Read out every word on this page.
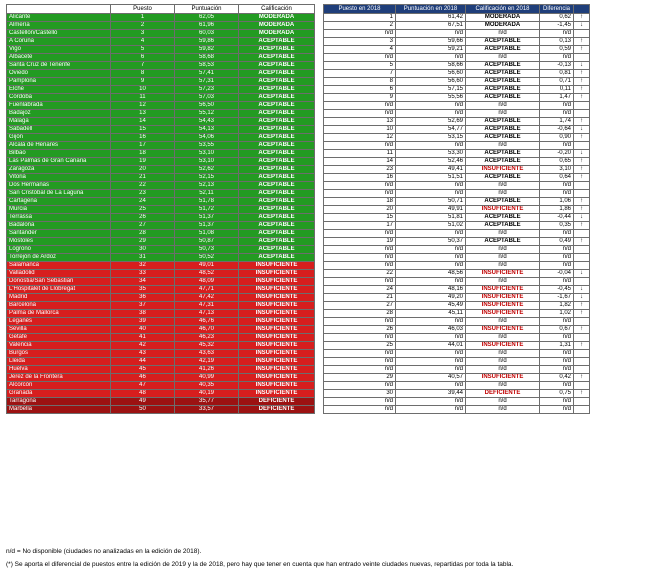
	Puesto	Puntuación	Calificación		Puesto en 2018	Puntuación en 2018	Calificación en 2018	Diferencia	
Alicante	1	62,05	MODERADA		1	61,42	MODERADA	0,62	↑
Almería	2	61,96	MODERADA		2	67,51	MODERADA	-1,45	↓
Castellón/Castelló	3	60,03	MODERADA		n/d	n/d	n/d	n/d	
A Coruña	4	59,86	ACEPTABLE		3	59,66	ACEPTABLE	0,13	↑
Vigo	5	59,82	ACEPTABLE		4	59,21	ACEPTABLE	0,59	↑
Albacete	6	58,68	ACEPTABLE		n/d	n/d	n/d	n/d	
Santa Cruz de Tenerife	7	58,53	ACEPTABLE		5	58,66	ACEPTABLE	-0,13	↓
Oviedo	8	57,41	ACEPTABLE		7	56,60	ACEPTABLE	0,81	↑
Pamplona	9	57,31	ACEPTABLE		8	56,60	ACEPTABLE	0,71	↑
Elche	10	57,23	ACEPTABLE		6	57,15	ACEPTABLE	0,11	↑
Córdoba	11	57,03	ACEPTABLE		9	55,56	ACEPTABLE	1,47	↑
Fuenlabrada	12	56,50	ACEPTABLE		n/d	n/d	n/d	n/d	
Badajoz	13	55,12	ACEPTABLE		n/d	n/d	n/d	n/d	
Málaga	14	54,43	ACEPTABLE		13	52,69	ACEPTABLE	1,74	↑
Sabadell	15	54,13	ACEPTABLE		10	54,77	ACEPTABLE	-0,64	↓
Gijón	16	54,06	ACEPTABLE		12	53,15	ACEPTABLE	0,90	↑
Alcalá de Henares	17	53,55	ACEPTABLE		n/d	n/d	n/d	n/d	
Bilbao	18	53,10	ACEPTABLE		11	53,30	ACEPTABLE	-0,20	↓
Las Palmas de Gran Canaria	19	53,10	ACEPTABLE		14	52,46	ACEPTABLE	0,65	↑
Zaragoza	20	52,62	ACEPTABLE		23	49,41	INSUFICIENTE	3,10	↑
Vitoria	21	52,15	ACEPTABLE		16	51,51	ACEPTABLE	0,64	↑
Dos Hermanas	22	52,13	ACEPTABLE		n/d	n/d	n/d	n/d	
San Cristóbal de La Laguna	23	52,11	ACEPTABLE		n/d	n/d	n/d	n/d	
Cartagena	24	51,78	ACEPTABLE		18	50,71	ACEPTABLE	1,06	↑
Murcia	25	51,72	ACEPTABLE		20	49,91	INSUFICIENTE	1,86	↑
Terrassa	26	51,37	ACEPTABLE		15	51,81	ACEPTABLE	-0,44	↓
Badalona	27	51,37	ACEPTABLE		17	51,02	ACEPTABLE	0,35	↑
Santander	28	51,08	ACEPTABLE		n/d	n/d	n/d	n/d	
Móstoles	29	50,87	ACEPTABLE		19	50,37	ACEPTABLE	0,49	↑
Logroño	30	50,73	ACEPTABLE		n/d	n/d	n/d	n/d	
Torrejón de Ardoz	31	50,52	ACEPTABLE		n/d	n/d	n/d	n/d	
Salamanca	32	49,01	INSUFICIENTE		n/d	n/d	n/d	n/d	
Valladolid	33	48,52	INSUFICIENTE		22	48,56	INSUFICIENTE	-0,04	↓
Donostia/San Sebastián	34	48,09	INSUFICIENTE		n/d	n/d	n/d	n/d	
L'Hospitalet de Llobregat	35	47,71	INSUFICIENTE		24	48,16	INSUFICIENTE	-0,45	↓
Madrid	36	47,42	INSUFICIENTE		21	49,20	INSUFICIENTE	-1,67	↓
Barcelona	37	47,31	INSUFICIENTE		27	45,49	INSUFICIENTE	1,82	↑
Palma de Mallorca	38	47,13	INSUFICIENTE		28	45,11	INSUFICIENTE	1,02	↑
Leganés	39	46,76	INSUFICIENTE		n/d	n/d	n/d	n/d	
Sevilla	40	46,70	INSUFICIENTE		26	46,03	INSUFICIENTE	0,67	↑
Getafe	41	46,23	INSUFICIENTE		n/d	n/d	n/d	n/d	
Valencia	42	45,32	INSUFICIENTE		25	44,01	INSUFICIENTE	1,31	↑
Burgos	43	43,63	INSUFICIENTE		n/d	n/d	n/d	n/d	
Lleida	44	42,19	INSUFICIENTE		n/d	n/d	n/d	n/d	
Huelva	45	41,26	INSUFICIENTE		n/d	n/d	n/d	n/d	
Jerez de la Frontera	46	40,99	INSUFICIENTE		29	40,57	INSUFICIENTE	0,42	↑
Alcorcón	47	40,35	INSUFICIENTE		n/d	n/d	n/d	n/d	
Granada	48	40,19	INSUFICIENTE		30	39,44	DEFICIENTE	0,75	↑
Tarragona	49	35,77	DEFICIENTE		n/d	n/d	n/d	n/d	
Marbella	50	33,57	DEFICIENTE		n/d	n/d	n/d	n/d	
n/d = No disponible (ciudades no analizadas en la edición de 2018).
(*) Se aporta el diferencial de puestos entre la edición de 2019 y la de 2018, pero hay que tener en cuenta que han entrado veinte ciudades nuevas, repartidas por toda la tabla.
